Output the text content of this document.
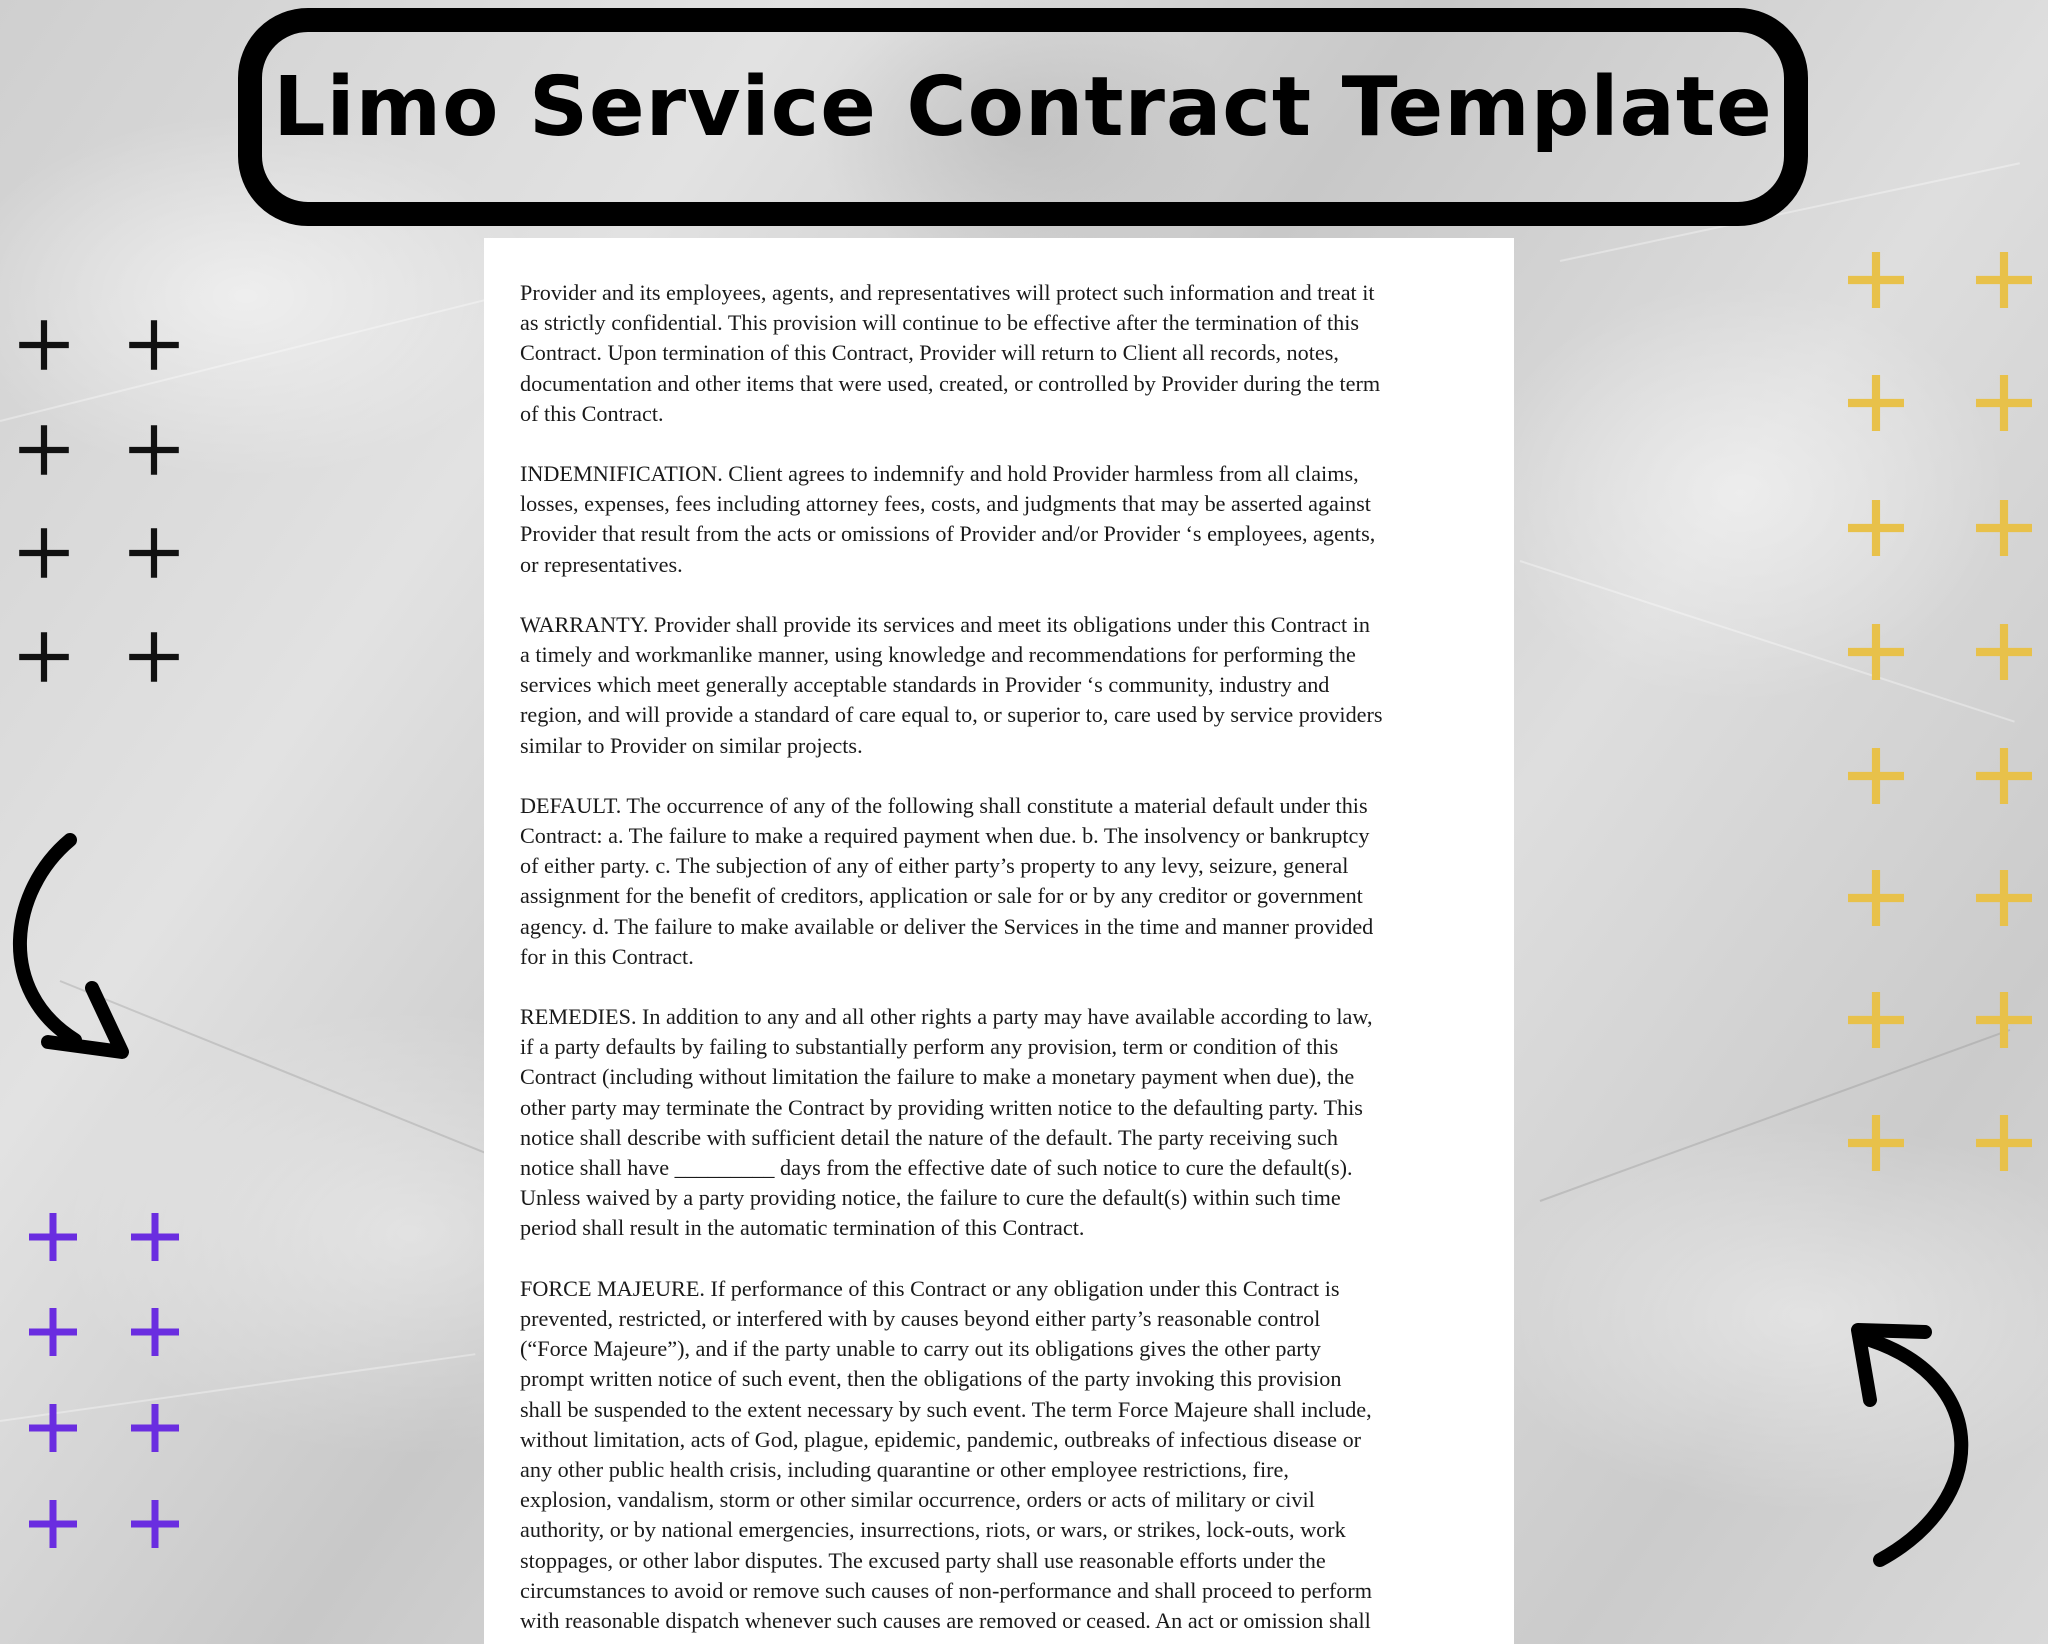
Limo Service Contract Template
Provider and its employees, agents, and representatives will protect such information and treat it
as strictly confidential. This provision will continue to be effective after the termination of this
Contract. Upon termination of this Contract, Provider will return to Client all records, notes,
documentation and other items that were used, created, or controlled by Provider during the term
of this Contract.
INDEMNIFICATION. Client agrees to indemnify and hold Provider harmless from all claims,
losses, expenses, fees including attorney fees, costs, and judgments that may be asserted against
Provider that result from the acts or omissions of Provider and/or Provider ‘s employees, agents,
or representatives.
WARRANTY. Provider shall provide its services and meet its obligations under this Contract in
a timely and workmanlike manner, using knowledge and recommendations for performing the
services which meet generally acceptable standards in Provider ‘s community, industry and
region, and will provide a standard of care equal to, or superior to, care used by service providers
similar to Provider on similar projects.
DEFAULT. The occurrence of any of the following shall constitute a material default under this
Contract: a. The failure to make a required payment when due. b. The insolvency or bankruptcy
of either party. c. The subjection of any of either party’s property to any levy, seizure, general
assignment for the benefit of creditors, application or sale for or by any creditor or government
agency. d. The failure to make available or deliver the Services in the time and manner provided
for in this Contract.
REMEDIES. In addition to any and all other rights a party may have available according to law,
if a party defaults by failing to substantially perform any provision, term or condition of this
Contract (including without limitation the failure to make a monetary payment when due), the
other party may terminate the Contract by providing written notice to the defaulting party. This
notice shall describe with sufficient detail the nature of the default. The party receiving such
notice shall have _________ days from the effective date of such notice to cure the default(s).
Unless waived by a party providing notice, the failure to cure the default(s) within such time
period shall result in the automatic termination of this Contract.
FORCE MAJEURE. If performance of this Contract or any obligation under this Contract is
prevented, restricted, or interfered with by causes beyond either party’s reasonable control
(“Force Majeure”), and if the party unable to carry out its obligations gives the other party
prompt written notice of such event, then the obligations of the party invoking this provision
shall be suspended to the extent necessary by such event. The term Force Majeure shall include,
without limitation, acts of God, plague, epidemic, pandemic, outbreaks of infectious disease or
any other public health crisis, including quarantine or other employee restrictions, fire,
explosion, vandalism, storm or other similar occurrence, orders or acts of military or civil
authority, or by national emergencies, insurrections, riots, or wars, or strikes, lock-outs, work
stoppages, or other labor disputes. The excused party shall use reasonable efforts under the
circumstances to avoid or remove such causes of non-performance and shall proceed to perform
with reasonable dispatch whenever such causes are removed or ceased. An act or omission shall
